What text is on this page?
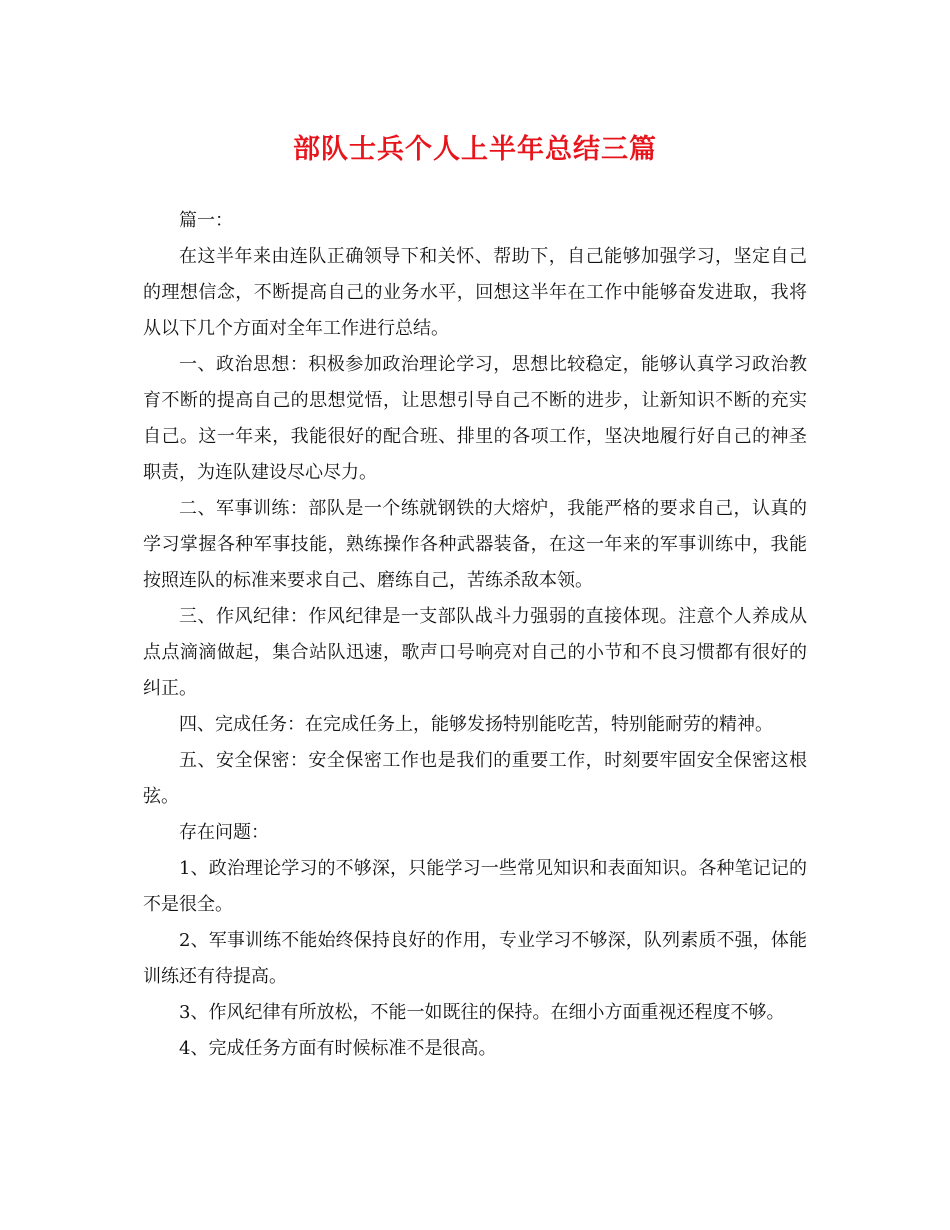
部队士兵个人上半年总结三篇

篇一：

在这半年来由连队正确领导下和关怀、帮助下，自己能够加强学习，坚定自己的理想信念，不断提高自己的业务水平，回想这半年在工作中能够奋发进取，我将从以下几个方面对全年工作进行总结。

一、政治思想：积极参加政治理论学习，思想比较稳定，能够认真学习政治教育不断的提高自己的思想觉悟，让思想引导自己不断的进步，让新知识不断的充实自己。这一年来，我能很好的配合班、排里的各项工作，坚决地履行好自己的神圣职责，为连队建设尽心尽力。

二、军事训练：部队是一个练就钢铁的大熔炉，我能严格的要求自己，认真的学习掌握各种军事技能，熟练操作各种武器装备，在这一年来的军事训练中，我能按照连队的标准来要求自己、磨练自己，苦练杀敌本领。

三、作风纪律：作风纪律是一支部队战斗力强弱的直接体现。注意个人养成从点点滴滴做起，集合站队迅速，歌声口号响亮对自己的小节和不良习惯都有很好的纠正。

四、完成任务：在完成任务上，能够发扬特别能吃苦，特别能耐劳的精神。

五、安全保密：安全保密工作也是我们的重要工作，时刻要牢固安全保密这根弦。

存在问题：

1、政治理论学习的不够深，只能学习一些常见知识和表面知识。各种笔记记的不是很全。

2、军事训练不能始终保持良好的作用，专业学习不够深，队列素质不强，体能训练还有待提高。

3、作风纪律有所放松，不能一如既往的保持。在细小方面重视还程度不够。

4、完成任务方面有时候标准不是很高。
